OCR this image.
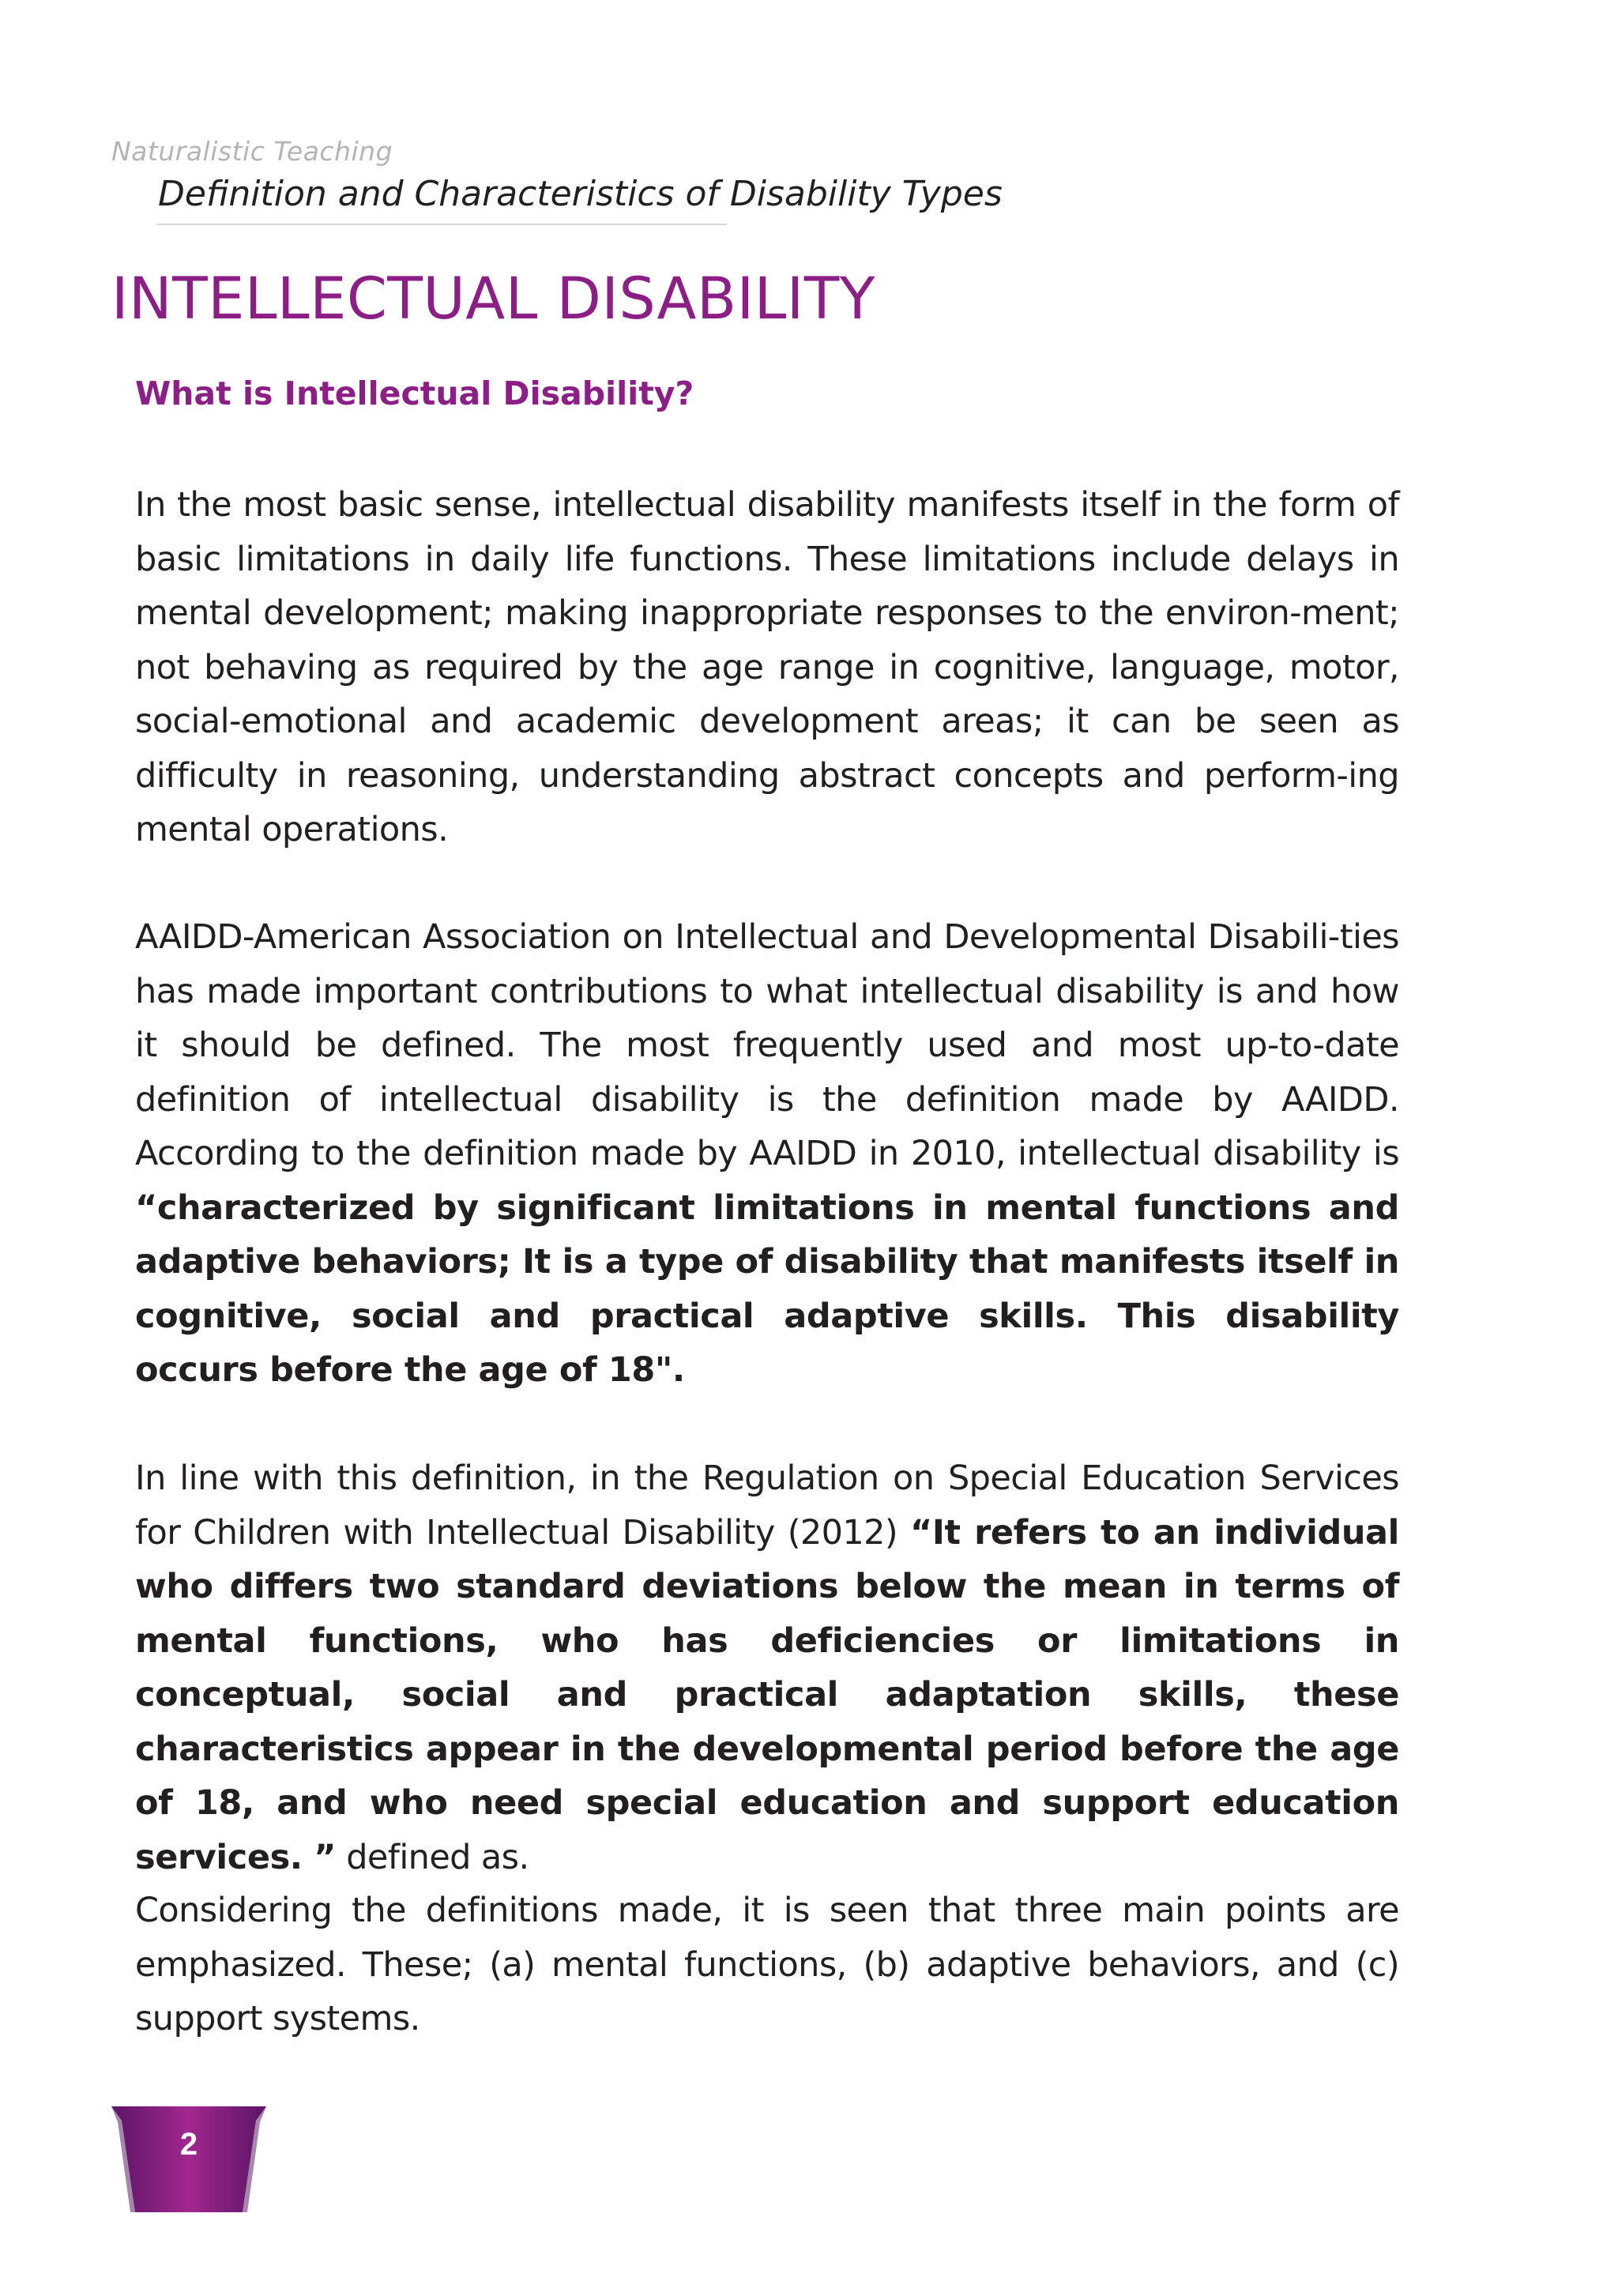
Naturalistic Teaching
Definition and Characteristics of Disability Types
INTELLECTUAL DISABILITY
What is Intellectual Disability?

In the most basic sense, intellectual disability manifests itself in the form of basic limitations in daily life functions. These limitations include delays in mental development; making inappropriate responses to the environ-ment; not behaving as required by the age range in cognitive, language, motor, social-emotional and academic development areas; it can be seen as difficulty in reasoning, understanding abstract concepts and perform-ing mental operations.

AAIDD-American Association on Intellectual and Developmental Disabili-ties has made important contributions to what intellectual disability is and how it should be defined. The most frequently used and most up-to-date definition of intellectual disability is the definition made by AAIDD. According to the definition made by AAIDD in 2010, intellectual disability is “characterized by significant limitations in mental functions and adaptive behaviors; It is a type of disability that manifests itself in cognitive, social and practical adaptive skills. This disability occurs before the age of 18".

In line with this definition, in the Regulation on Special Education Services for Children with Intellectual Disability (2012) “It refers to an individual who differs two standard deviations below the mean in terms of mental functions, who has deficiencies or limitations in conceptual, social and practical adaptation skills, these characteristics appear in the developmental period before the age of 18, and who need special education and support education services. ” defined as.

Considering the definitions made, it is seen that three main points are emphasized. These; (a) mental functions, (b) adaptive behaviors, and (c) support systems.

2
